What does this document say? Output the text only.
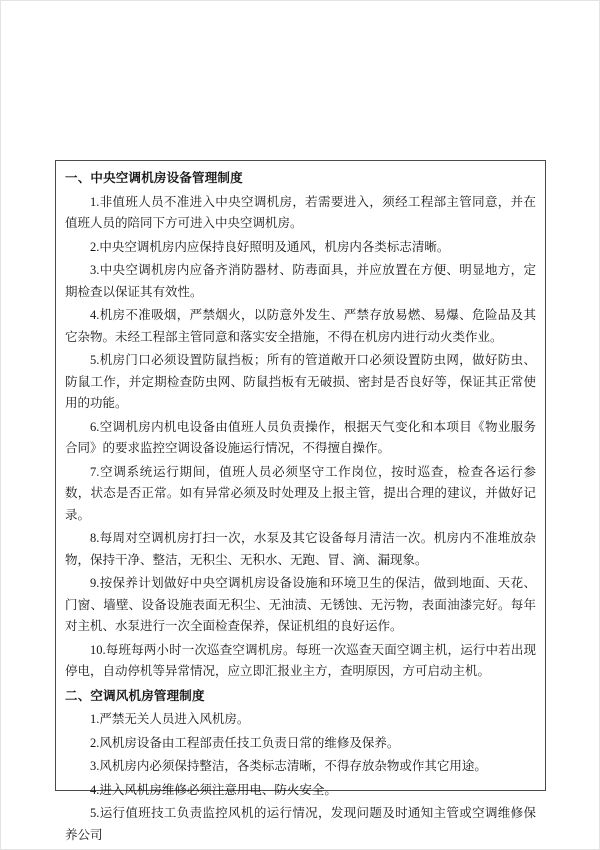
一、中央空调机房设备管理制度

1.非值班人员不准进入中央空调机房，若需要进入，须经工程部主管同意，并在值班人员的陪同下方可进入中央空调机房。

2.中央空调机房内应保持良好照明及通风，机房内各类标志清晰。

3.中央空调机房内应备齐消防器材、防毒面具，并应放置在方便、明显地方，定期检查以保证其有效性。

4.机房不准吸烟，严禁烟火，以防意外发生、严禁存放易燃、易爆、危险品及其它杂物。未经工程部主管同意和落实安全措施，不得在机房内进行动火类作业。

5.机房门口必须设置防鼠挡板；所有的管道敞开口必须设置防虫网，做好防虫、防鼠工作，并定期检查防虫网、防鼠挡板有无破损、密封是否良好等，保证其正常使用的功能。

6.空调机房内机电设备由值班人员负责操作，根据天气变化和本项目《物业服务合同》的要求监控空调设备设施运行情况，不得擅自操作。

7.空调系统运行期间，值班人员必须坚守工作岗位，按时巡查，检查各运行参数，状态是否正常。如有异常必须及时处理及上报主管，提出合理的建议，并做好记录。

8.每周对空调机房打扫一次，水泵及其它设备每月清洁一次。机房内不准堆放杂物，保持干净、整洁，无积尘、无积水、无跑、冒、滴、漏现象。

9.按保养计划做好中央空调机房设备设施和环境卫生的保洁，做到地面、天花、门窗、墙壁、设备设施表面无积尘、无油渍、无锈蚀、无污物，表面油漆完好。每年对主机、水泵进行一次全面检查保养，保证机组的良好运作。

10.每班每两小时一次巡查空调机房。每班一次巡查天面空调主机，运行中若出现停电，自动停机等异常情况，应立即汇报业主方，查明原因，方可启动主机。

二、空调风机房管理制度

1.严禁无关人员进入风机房。

2.风机房设备由工程部责任技工负责日常的维修及保养。

3.风机房内必须保持整洁，各类标志清晰，不得存放杂物或作其它用途。

4.进入风机房维修必须注意用电、防火安全。

5.运行值班技工负责监控风机的运行情况，发现问题及时通知主管或空调维修保养公司
